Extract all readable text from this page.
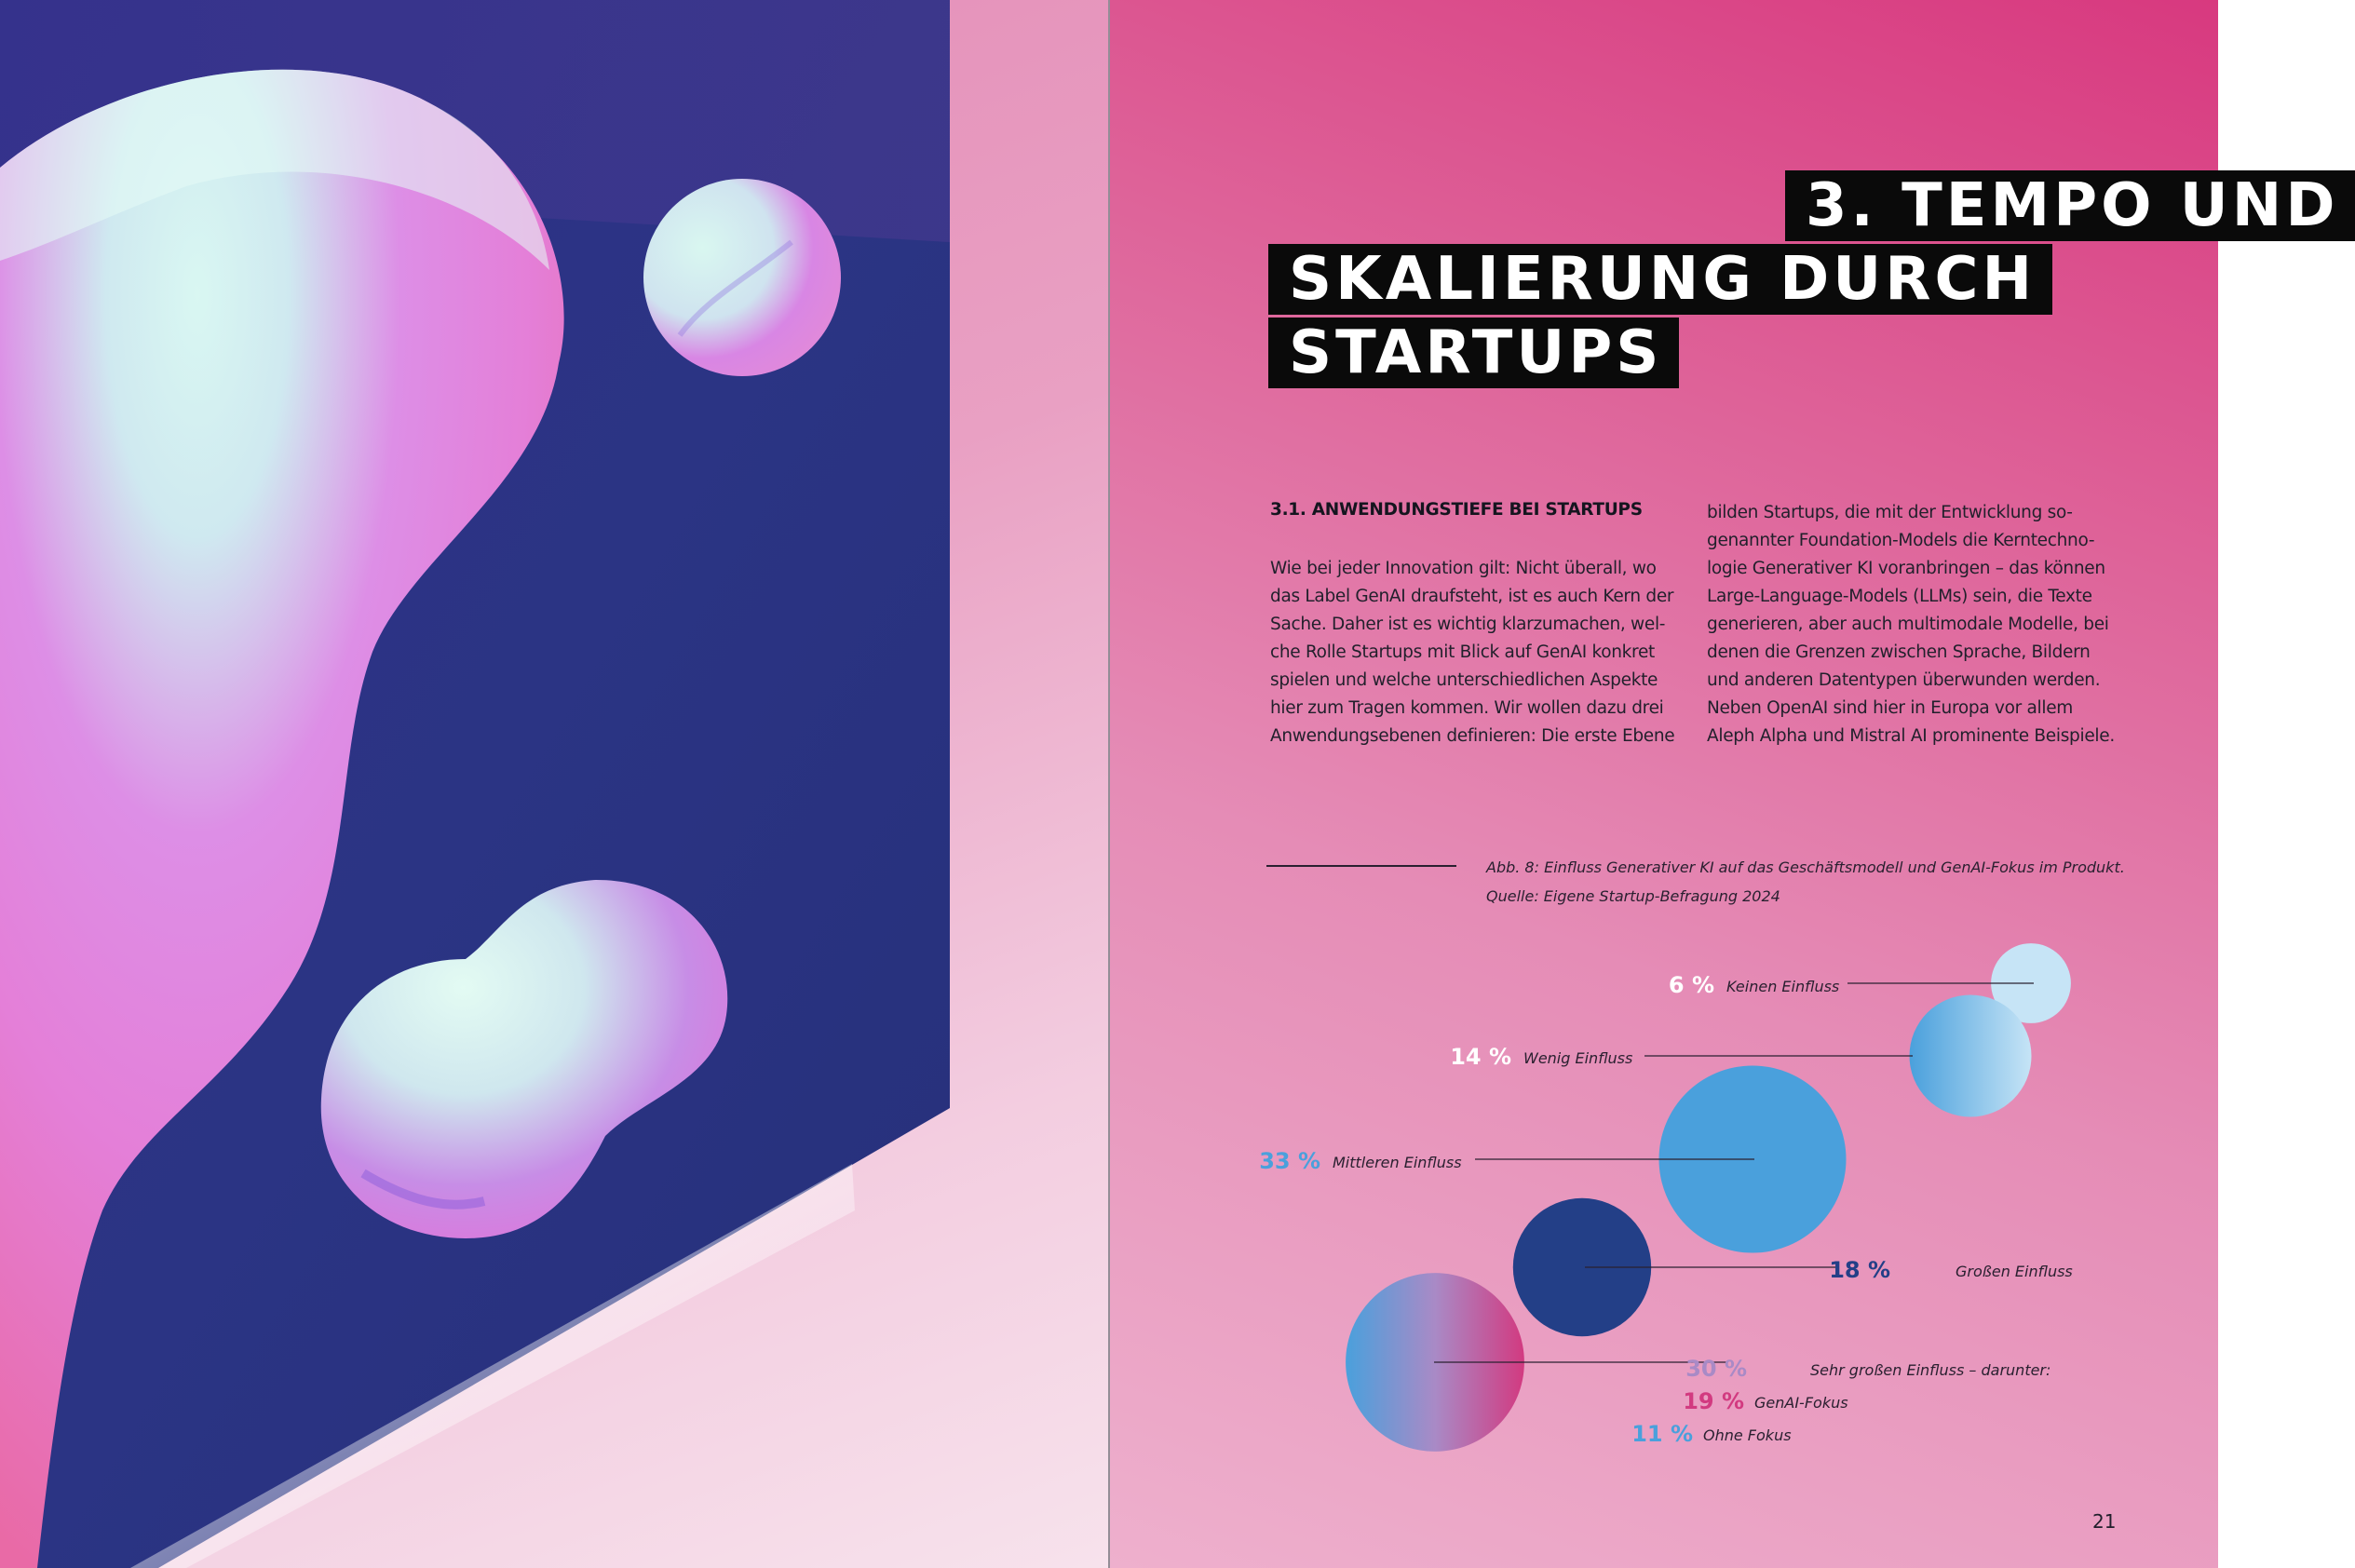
3. TEMPO UND
SKALIERUNG DURCH
STARTUPS
3.1. ANWENDUNGSTIEFE BEI STARTUPS
Wie bei jeder Innovation gilt: Nicht überall, wo
das Label GenAI draufsteht, ist es auch Kern der
Sache. Daher ist es wichtig klarzumachen, wel-
che Rolle Startups mit Blick auf GenAI konkret
spielen und welche unterschiedlichen Aspekte
hier zum Tragen kommen. Wir wollen dazu drei
Anwendungsebenen definieren: Die erste Ebene
bilden Startups, die mit der Entwicklung so-
genannter Foundation-Models die Kerntechno-
logie Generativer KI voranbringen – das können
Large-Language-Models (LLMs) sein, die Texte
generieren, aber auch multimodale Modelle, bei
denen die Grenzen zwischen Sprache, Bildern
und anderen Datentypen überwunden werden.
Neben OpenAI sind hier in Europa vor allem
Aleph Alpha und Mistral AI prominente Beispiele.
Abb. 8: Einfluss Generativer KI auf das Geschäftsmodell und GenAI-Fokus im Produkt.
Quelle: Eigene Startup-Befragung 2024
6 % Keinen Einfluss
14 % Wenig Einfluss
33 % Mittleren Einfluss
18 %	Großen Einfluss
30 %	Sehr großen Einfluss – darunter:
19 % GenAI-Fokus
11 % Ohne Fokus
21
